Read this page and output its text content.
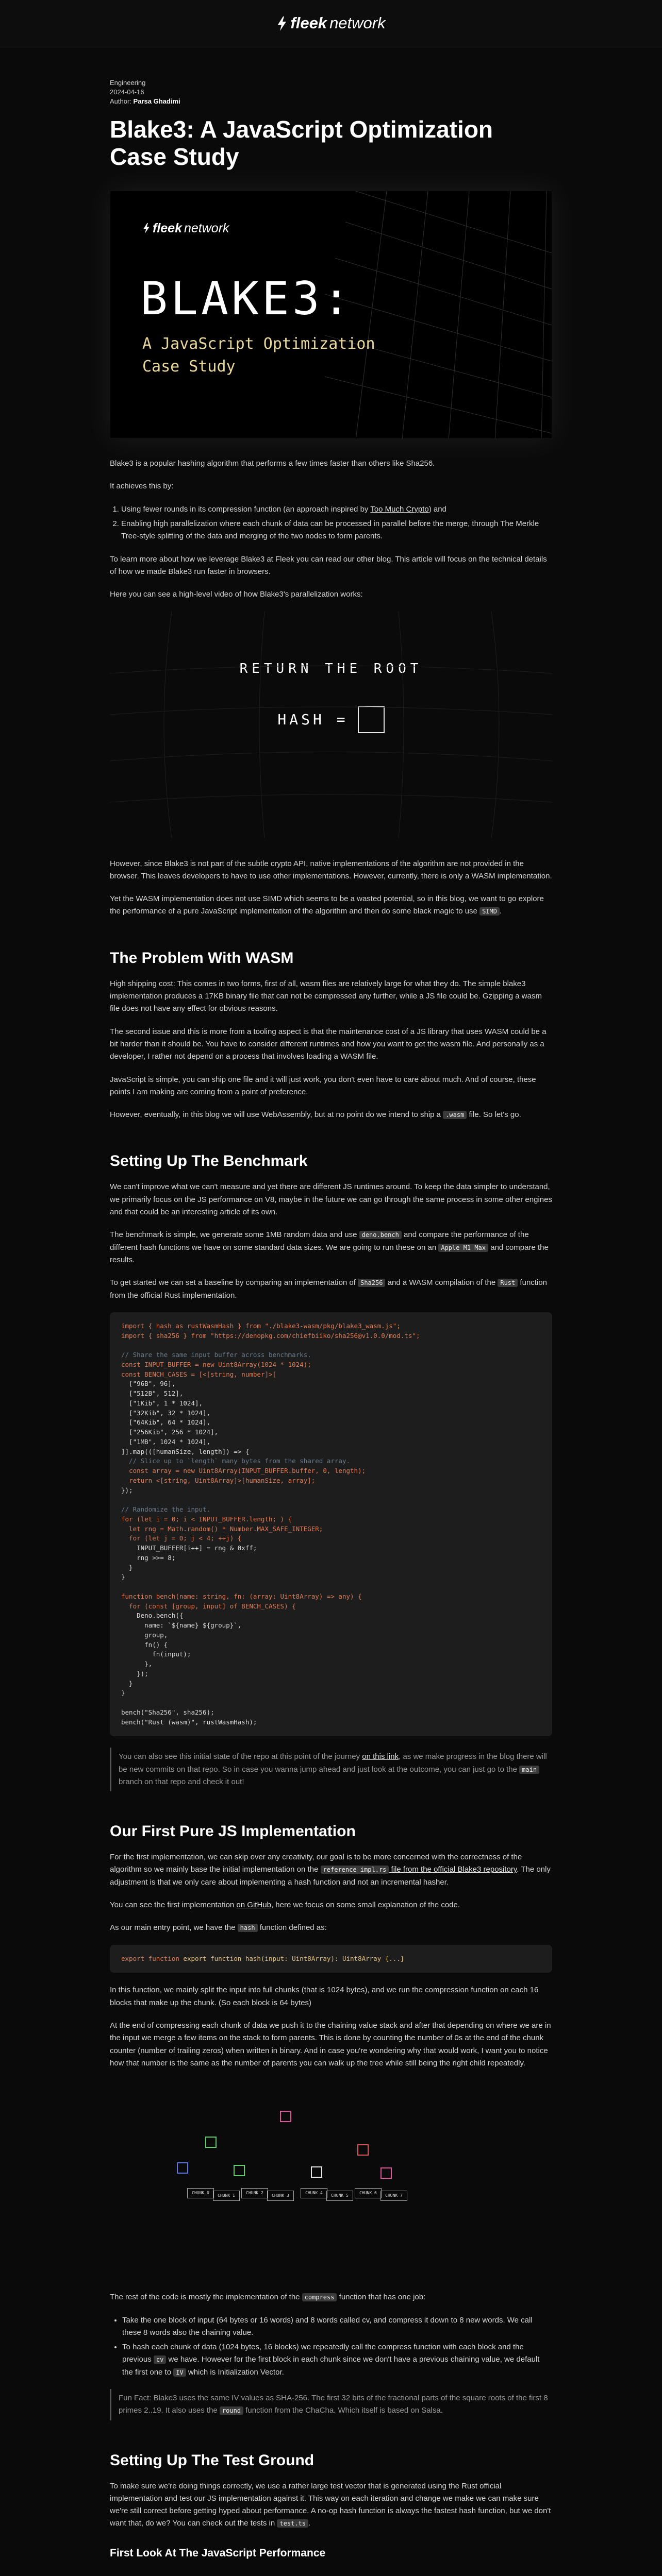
fleek network
Engineering
2024-04-16
Author: Parsa Ghadimi
Blake3: A JavaScript Optimization Case Study
fleek network
BLAKE3:
A JavaScript Optimization
Case Study

Blake3 is a popular hashing algorithm that performs a few times faster than others like Sha256.

It achieves this by:

1. Using fewer rounds in its compression function (an approach inspired by Too Much Crypto) and
2. Enabling high parallelization where each chunk of data can be processed in parallel before the merge, through The Merkle Tree-style splitting of the data and merging of the two nodes to form parents.

To learn more about how we leverage Blake3 at Fleek you can read our other blog. This article will focus on the technical details of how we made Blake3 run faster in browsers.

Here you can see a high-level video of how Blake3's parallelization works:

RETURN THE ROOT
HASH =

However, since Blake3 is not part of the subtle crypto API, native implementations of the algorithm are not provided in the browser. This leaves developers to have to use other implementations. However, currently, there is only a WASM implementation.

Yet the WASM implementation does not use SIMD which seems to be a wasted potential, so in this blog, we want to go explore the performance of a pure JavaScript implementation of the algorithm and then do some black magic to use SIMD .

The Problem With WASM

High shipping cost: This comes in two forms, first of all, wasm files are relatively large for what they do. The simple blake3 implementation produces a 17KB binary file that can not be compressed any further, while a JS file could be. Gzipping a wasm file does not have any effect for obvious reasons.

The second issue and this is more from a tooling aspect is that the maintenance cost of a JS library that uses WASM could be a bit harder than it should be. You have to consider different runtimes and how you want to get the wasm file. And personally as a developer, I rather not depend on a process that involves loading a WASM file.

JavaScript is simple, you can ship one file and it will just work, you don't even have to care about much. And of course, these points I am making are coming from a point of preference.

However, eventually, in this blog we will use WebAssembly, but at no point do we intend to ship a .wasm file. So let's go.

Setting Up The Benchmark

We can't improve what we can't measure and yet there are different JS runtimes around. To keep the data simpler to understand, we primarily focus on the JS performance on V8, maybe in the future we can go through the same process in some other engines and that could be an interesting article of its own.

The benchmark is simple, we generate some 1MB random data and use deno.bench and compare the performance of the different hash functions we have on some standard data sizes. We are going to run these on an Apple M1 Max and compare the results.

To get started we can set a baseline by comparing an implementation of Sha256 and a WASM compilation of the Rust function from the official Rust implementation.

import { hash as rustWasmHash } from "./blake3-wasm/pkg/blake3_wasm.js";
import { sha256 } from "https://denopkg.com/chiefbiiko/sha256@v1.0.0/mod.ts";

// Share the same input buffer across benchmarks.
const INPUT_BUFFER = new Uint8Array(1024 * 1024);
const BENCH_CASES = [<[string, number]>[
["96B", 96],
["512B", 512],
["1Kib", 1 * 1024],
["32Kib", 32 * 1024],
["64Kib", 64 * 1024],
["256Kib", 256 * 1024],
["1MB", 1024 * 1024],
]].map(([humanSize, length]) => {
// Slice up to `length` many bytes from the shared array.
const array = new Uint8Array(INPUT_BUFFER.buffer, 0, length);
return <[string, Uint8Array]>[humanSize, array];
});

// Randomize the input.
for (let i = 0; i < INPUT_BUFFER.length; ) {
let rng = Math.random() * Number.MAX_SAFE_INTEGER;
for (let j = 0; j < 4; ++j) {
INPUT_BUFFER[i++] = rng & 0xff;
rng >>= 8;
}
}

function bench(name: string, fn: (array: Uint8Array) => any) {
for (const [group, input] of BENCH_CASES) {
Deno.bench({
name: `${name} ${group}`,
group,
fn() {
fn(input);
},
});
}
}

bench("Sha256", sha256);
bench("Rust (wasm)", rustWasmHash);

You can also see this initial state of the repo at this point of the journey on this link, as we make progress in the blog there will be new commits on that repo. So in case you wanna jump ahead and just look at the outcome, you can just go to the main branch on that repo and check it out!

Our First Pure JS Implementation

For the first implementation, we can skip over any creativity, our goal is to be more concerned with the correctness of the algorithm so we mainly base the initial implementation on the reference_impl.rs file from the official Blake3 repository. The only adjustment is that we only care about implementing a hash function and not an incremental hasher.

You can see the first implementation on GitHub, here we focus on some small explanation of the code.

As our main entry point, we have the hash function defined as:

export function export function hash(input: Uint8Array): Uint8Array {...}

In this function, we mainly split the input into full chunks (that is 1024 bytes), and we run the compression function on each 16 blocks that make up the chunk. (So each block is 64 bytes)

At the end of compressing each chunk of data we push it to the chaining value stack and after that depending on where we are in the input we merge a few items on the stack to form parents. This is done by counting the number of 0s at the end of the chunk counter (number of trailing zeros) when written in binary. And in case you're wondering why that would work, I want you to notice how that number is the same as the number of parents you can walk up the tree while still being the right child repeatedly.

CHUNK 0
CHUNK 1
CHUNK 2
CHUNK 3
CHUNK 4
CHUNK 5
CHUNK 6
CHUNK 7

The rest of the code is mostly the implementation of the compress function that has one job:

• Take the one block of input (64 bytes or 16 words) and 8 words called cv, and compress it down to 8 new words. We call these 8 words also the chaining value.
• To hash each chunk of data (1024 bytes, 16 blocks) we repeatedly call the compress function with each block and the previous cv we have. However for the first block in each chunk since we don't have a previous chaining value, we default the first one to IV which is Initialization Vector.

Fun Fact: Blake3 uses the same IV values as SHA-256. The first 32 bits of the fractional parts of the square roots of the first 8 primes 2..19. It also uses the round function from the ChaCha. Which itself is based on Salsa.

Setting Up The Test Ground

To make sure we're doing things correctly, we use a rather large test vector that is generated using the Rust official implementation and test our JS implementation against it. This way on each iteration and change we make we can make sure we're still correct before getting hyped about performance. A no-op hash function is always the fastest hash function, but we don't want that, do we? You can check out the tests in test.ts .

First Look At The JavaScript Performance
